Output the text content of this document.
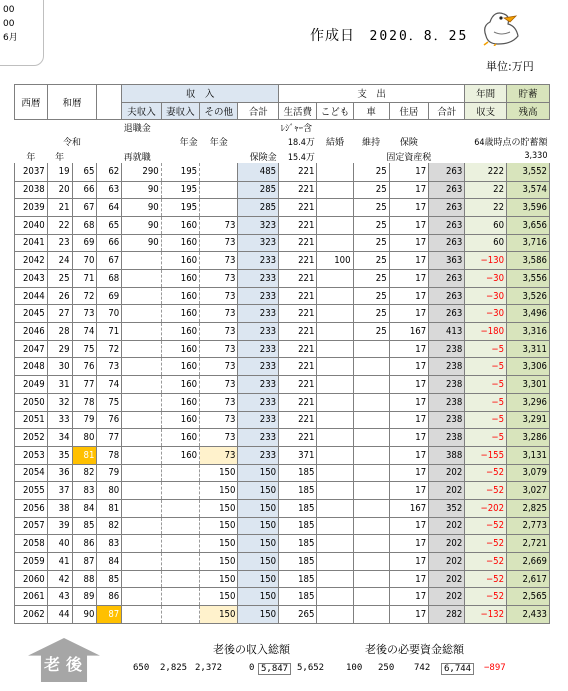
00
00
6月	作成日 2020．8．25
単位:万円
西暦	和暦			収　入				支　出					年間	貯蓄
				夫収入	妻収入	その他	合計	生活費	こども	車	住居	合計	収支	残高
				退職金				ﾚｼﾞｬｰ含						
	令和				年金	年金		18.4万	結婚	維持	保険	64歳時点の貯蓄額		
年	年			再就職		保険金		15.4万		固定資産税				3,330
2037	19	65	62	290	195		485	221		25	17	263	222	3,552
2038	20	66	63	90	195		285	221		25	17	263	22	3,574
2039	21	67	64	90	195		285	221		25	17	263	22	3,596
2040	22	68	65	90	160	73	323	221		25	17	263	60	3,656
2041	23	69	66	90	160	73	323	221		25	17	263	60	3,716
2042	24	70	67		160	73	233	221	100	25	17	363	−130	3,586
2043	25	71	68		160	73	233	221		25	17	263	−30	3,556
2044	26	72	69		160	73	233	221		25	17	263	−30	3,526
2045	27	73	70		160	73	233	221		25	17	263	−30	3,496
2046	28	74	71		160	73	233	221		25	167	413	−180	3,316
2047	29	75	72		160	73	233	221			17	238	−5	3,311
2048	30	76	73		160	73	233	221			17	238	−5	3,306
2049	31	77	74		160	73	233	221			17	238	−5	3,301
2050	32	78	75		160	73	233	221			17	238	−5	3,296
2051	33	79	76		160	73	233	221			17	238	−5	3,291
2052	34	80	77		160	73	233	221			17	238	−5	3,286
2053	35	81	78		160	73	233	371			17	388	−155	3,131
2054	36	82	79			150	150	185			17	202	−52	3,079
2055	37	83	80			150	150	185			17	202	−52	3,027
2056	38	84	81			150	150	185			167	352	−202	2,825
2057	39	85	82			150	150	185			17	202	−52	2,773
2058	40	86	83			150	150	185			17	202	−52	2,721
2059	41	87	84			150	150	185			17	202	−52	2,669
2060	42	88	85			150	150	185			17	202	−52	2,617
2061	43	89	86			150	150	185			17	202	−52	2,565
2062	44	90	87			150	150	265			17	282	−132	2,433
老後
老後の収入総額	老後の必要資金総額
650 2,825 2,372	0 5,847 5,652 100 250 742	6,744	−897
